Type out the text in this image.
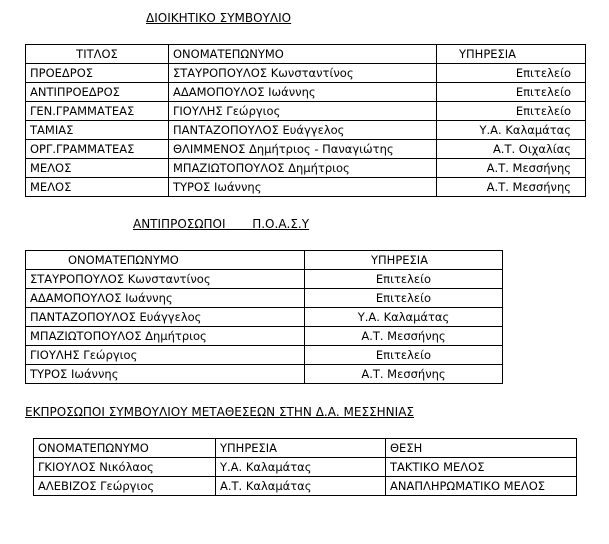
ΔΙΟΙΚΗΤΙΚΟ ΣΥΜΒΟΥΛΙΟ
ΤΙΤΛΟΣ	ΟΝΟΜΑΤΕΠΩΝΥΜΟ	ΥΠΗΡΕΣΙΑ
ΠΡΟΕΔΡΟΣ	ΣΤΑΥΡΟΠΟΥΛΟΣ Κωνσταντίνος	Επιτελείο
ΑΝΤΙΠΡΟΕΔΡΟΣ	ΑΔΑΜΟΠΟΥΛΟΣ Ιωάννης	Επιτελείο
ΓΕΝ.ΓΡΑΜΜΑΤΕΑΣ	ΓΙΟΥΛΗΣ Γεώργιος	Επιτελείο
ΤΑΜΙΑΣ	ΠΑΝΤΑΖΟΠΟΥΛΟΣ Ευάγγελος	Υ.Α. Καλαμάτας
ΟΡΓ.ΓΡΑΜΜΑΤΕΑΣ	ΘΛΙΜΜΕΝΟΣ Δημήτριος - Παναγιώτης	Α.Τ. Οιχαλίας
ΜΕΛΟΣ	ΜΠΑΖΙΩΤΟΠΟΥΛΟΣ Δημήτριος	Α.Τ. Μεσσήνης
ΜΕΛΟΣ	ΤΥΡΟΣ Ιωάννης	Α.Τ. Μεσσήνης
ΑΝΤΙΠΡΟΣΩΠΟΙ       Π.Ο.Α.Σ.Υ
ΟΝΟΜΑΤΕΠΩΝΥΜΟ	ΥΠΗΡΕΣΙΑ
ΣΤΑΥΡΟΠΟΥΛΟΣ Κωνσταντίνος	Επιτελείο
ΑΔΑΜΟΠΟΥΛΟΣ Ιωάννης	Επιτελείο
ΠΑΝΤΑΖΟΠΟΥΛΟΣ Ευάγγελος	Υ.Α. Καλαμάτας
ΜΠΑΖΙΩΤΟΠΟΥΛΟΣ Δημήτριος	Α.Τ. Μεσσήνης
ΓΙΟΥΛΗΣ Γεώργιος	Επιτελείο
ΤΥΡΟΣ Ιωάννης	Α.Τ. Μεσσήνης
ΕΚΠΡΟΣΩΠΟΙ ΣΥΜΒΟΥΛΙΟΥ ΜΕΤΑΘΕΣΕΩΝ ΣΤΗΝ Δ.Α. ΜΕΣΣΗΝΙΑΣ
ΟΝΟΜΑΤΕΠΩΝΥΜΟ	ΥΠΗΡΕΣΙΑ	ΘΕΣΗ
ΓΚΙΟΥΛΟΣ Νικόλαος	Υ.Α. Καλαμάτας	ΤΑΚΤΙΚΟ ΜΕΛΟΣ
ΑΛΕΒΙΖΟΣ Γεώργιος	Α.Τ. Καλαμάτας	ΑΝΑΠΛΗΡΩΜΑΤΙΚΟ ΜΕΛΟΣ
